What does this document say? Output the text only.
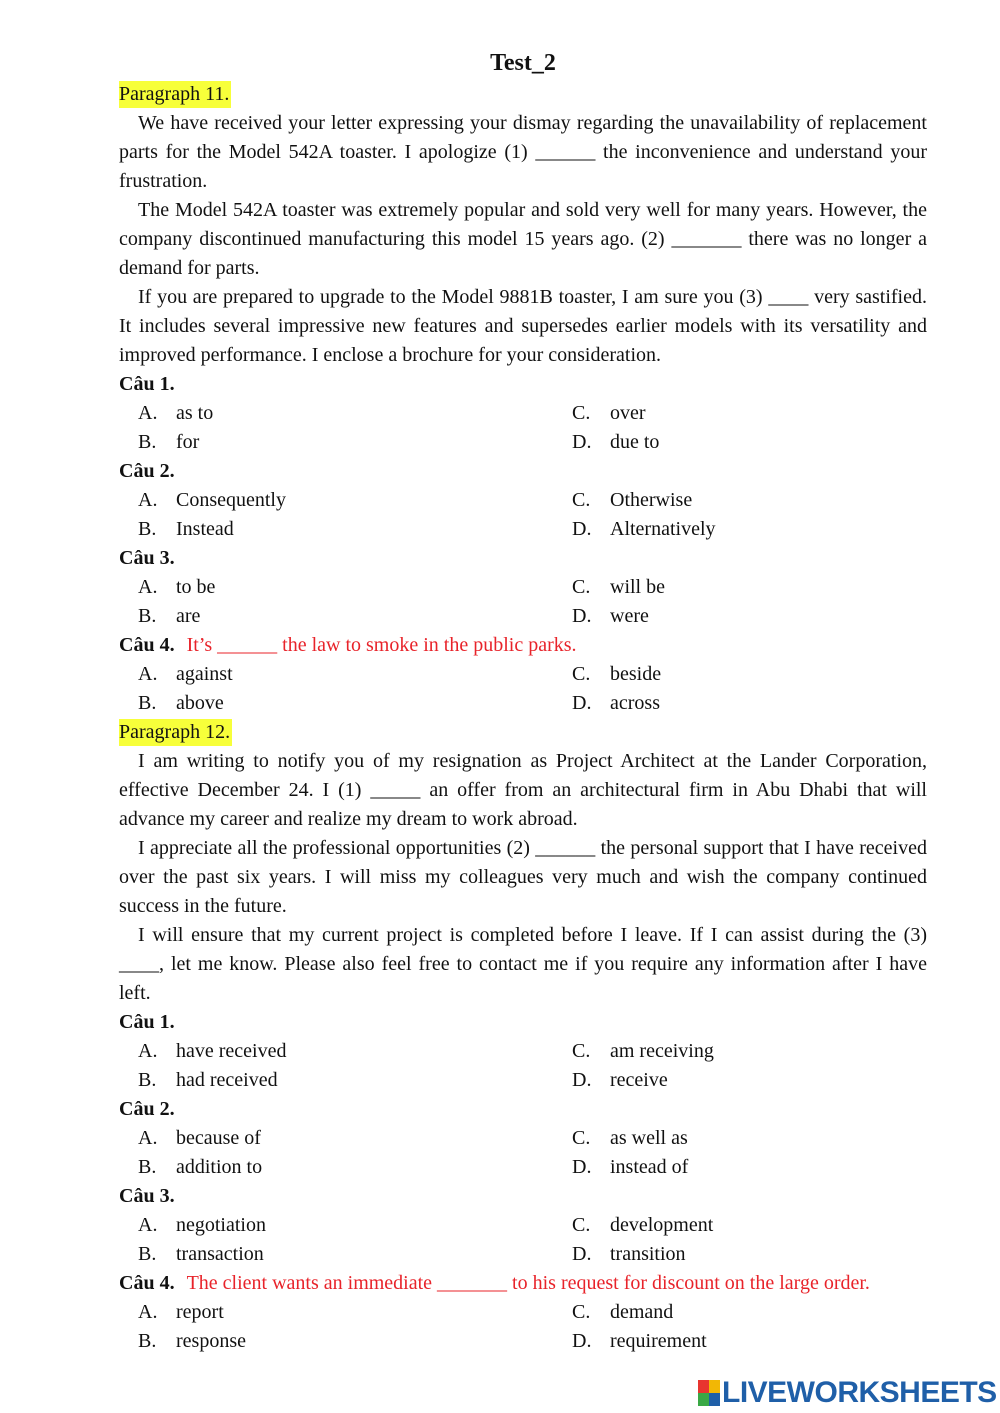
Test_2
Paragraph 11.

We have received your letter expressing your dismay regarding the unavailability of replacement parts for the Model 542A toaster. I apologize (1) ______ the inconvenience and understand your frustration.

The Model 542A toaster was extremely popular and sold very well for many years. However, the company discontinued manufacturing this model 15 years ago. (2) _______ there was no longer a demand for parts.

If you are prepared to upgrade to the Model 9881B toaster, I am sure you (3) ____ very sastified. It includes several impressive new features and supersedes earlier models with its versatility and improved performance. I enclose a brochure for your consideration.

Câu 1.
A. as to
B. for
C. over
D. due to
Câu 2.
A. Consequently
B. Instead
C. Otherwise
D. Alternatively
Câu 3.
A. to be
B. are
C. will be
D. were
Câu 4. It’s ______ the law to smoke in the public parks.
A. against
B. above
C. beside
D. across
Paragraph 12.

I am writing to notify you of my resignation as Project Architect at the Lander Corporation, effective December 24. I (1) _____ an offer from an architectural firm in Abu Dhabi that will advance my career and realize my dream to work abroad.

I appreciate all the professional opportunities (2) ______ the personal support that I have received over the past six years. I will miss my colleagues very much and wish the company continued success in the future.

I will ensure that my current project is completed before I leave. If I can assist during the (3) ____, let me know. Please also feel free to contact me if you require any information after I have left.

Câu 1.
A. have received
B. had received
C. am receiving
D. receive
Câu 2.
A. because of
B. addition to
C. as well as
D. instead of
Câu 3.
A. negotiation
B. transaction
C. development
D. transition
Câu 4. The client wants an immediate _______ to his request for discount on the large order.
A. report
B. response
C. demand
D. requirement
LIVEWORKSHEETS
